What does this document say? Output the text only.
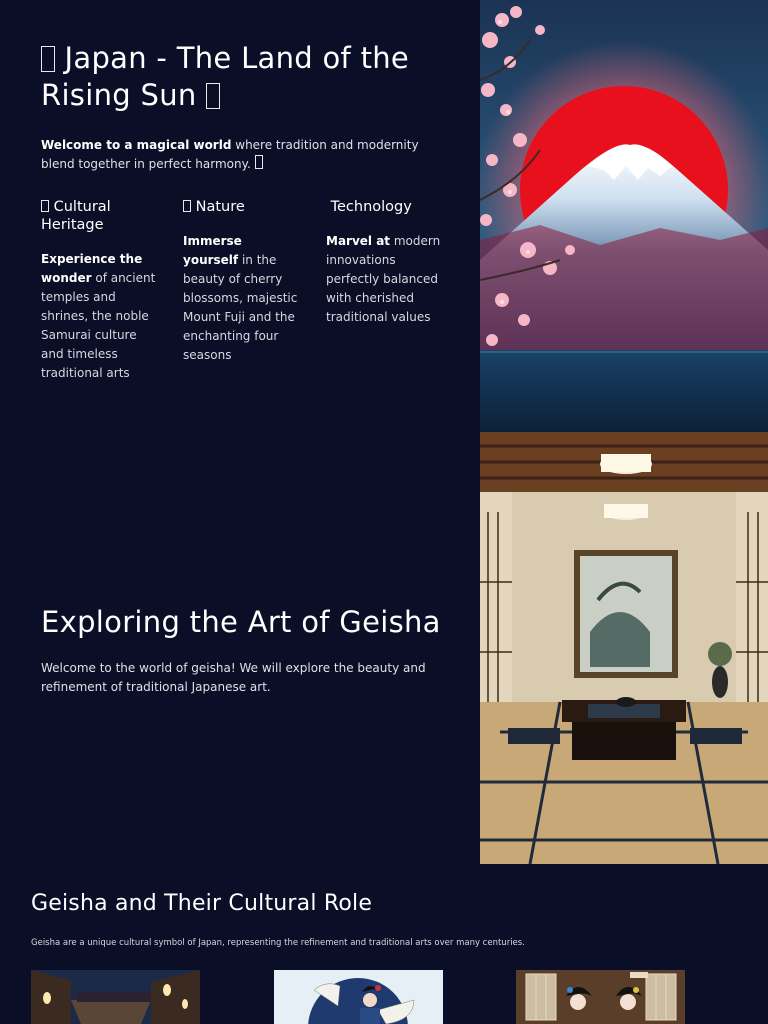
Japan - The Land of the Rising Sun

Welcome to a magical world where tradition and modernity blend together in perfect harmony.

Cultural Heritage

Experience the wonder of ancient temples and shrines, the noble Samurai culture and timeless traditional arts

Nature

Immerse yourself in the beauty of cherry blossoms, majestic Mount Fuji and the enchanting four seasons

Technology

Marvel at modern innovations perfectly balanced with cherished traditional values

Exploring the Art of Geisha

Welcome to the world of geisha! We will explore the beauty and refinement of traditional Japanese art.

Geisha and Their Cultural Role

Geisha are a unique cultural symbol of Japan, representing the refinement and traditional arts over many centuries.
